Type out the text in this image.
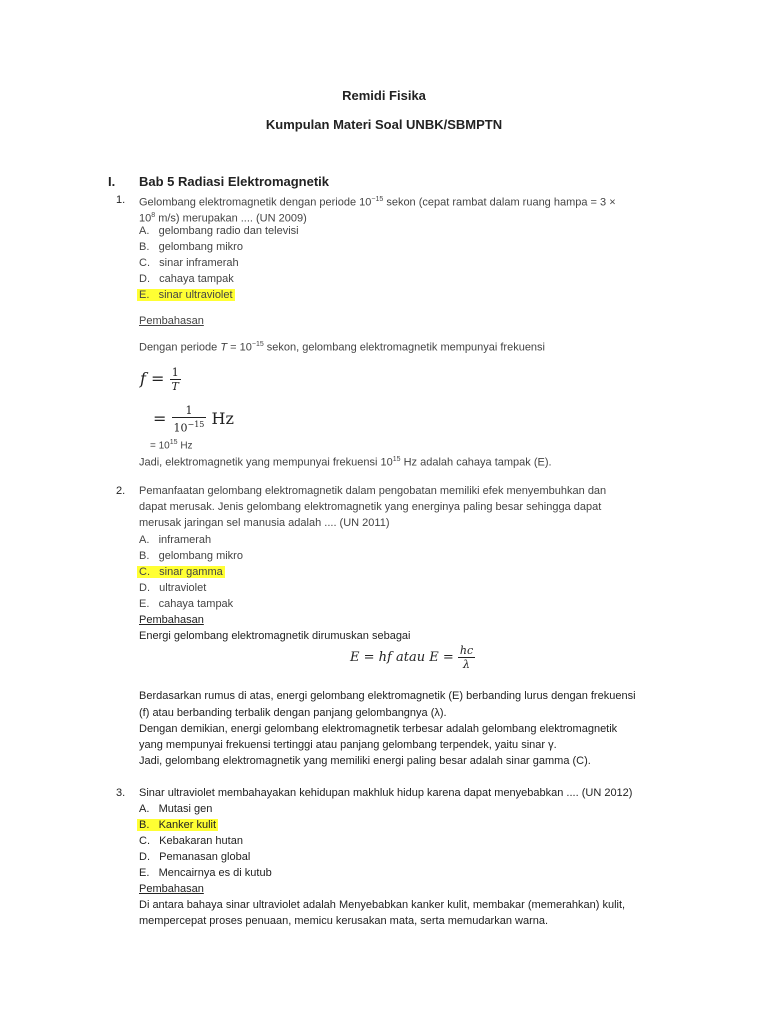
Remidi Fisika
Kumpulan Materi Soal UNBK/SBMPTN
I. Bab 5 Radiasi Elektromagnetik
1. Gelombang elektromagnetik dengan periode $10^{-15}$ sekon (cepat rambat dalam ruang hampa = 3 ×
$10^8$ m/s) merupakan .... (UN 2009)
A. gelombang radio dan televisi
B. gelombang mikro
C. sinar inframerah
D. cahaya tampak
E. sinar ultraviolet
Pembahasan
Dengan periode $T = 10^{-15}$ sekon, gelombang elektromagnetik mempunyai frekuensi
$f = \frac{1}{T}$
= $\frac{1}{10^{-15}}$ Hz
= $10^{15}$ Hz
Jadi, elektromagnetik yang mempunyai frekuensi $10^{15}$ Hz adalah cahaya tampak (E).
2. Pemanfaatan gelombang elektromagnetik dalam pengobatan memiliki efek menyembuhkan dan
dapat merusak. Jenis gelombang elektromagnetik yang energinya paling besar sehingga dapat
merusak jaringan sel manusia adalah .... (UN 2011)
A. inframerah
B. gelombang mikro
C. sinar gamma
D. ultraviolet
E. cahaya tampak
Pembahasan
Energi gelombang elektromagnetik dirumuskan sebagai
E = hf atau $E = \frac{hc}{\lambda}$
Berdasarkan rumus di atas, energi gelombang elektromagnetik (E) berbanding lurus dengan frekuensi
(f) atau berbanding terbalik dengan panjang gelombangnya (λ).
Dengan demikian, energi gelombang elektromagnetik terbesar adalah gelombang elektromagnetik
yang mempunyai frekuensi tertinggi atau panjang gelombang terpendek, yaitu sinar γ.
Jadi, gelombang elektromagnetik yang memiliki energi paling besar adalah sinar gamma (C).
3. Sinar ultraviolet membahayakan kehidupan makhluk hidup karena dapat menyebabkan .... (UN 2012)
A. Mutasi gen
B. Kanker kulit
C. Kebakaran hutan
D. Pemanasan global
E. Mencairnya es di kutub
Pembahasan
Di antara bahaya sinar ultraviolet adalah Menyebabkan kanker kulit, membakar (memerahkan) kulit,
mempercepat proses penuaan, memicu kerusakan mata, serta memudarkan warna.
